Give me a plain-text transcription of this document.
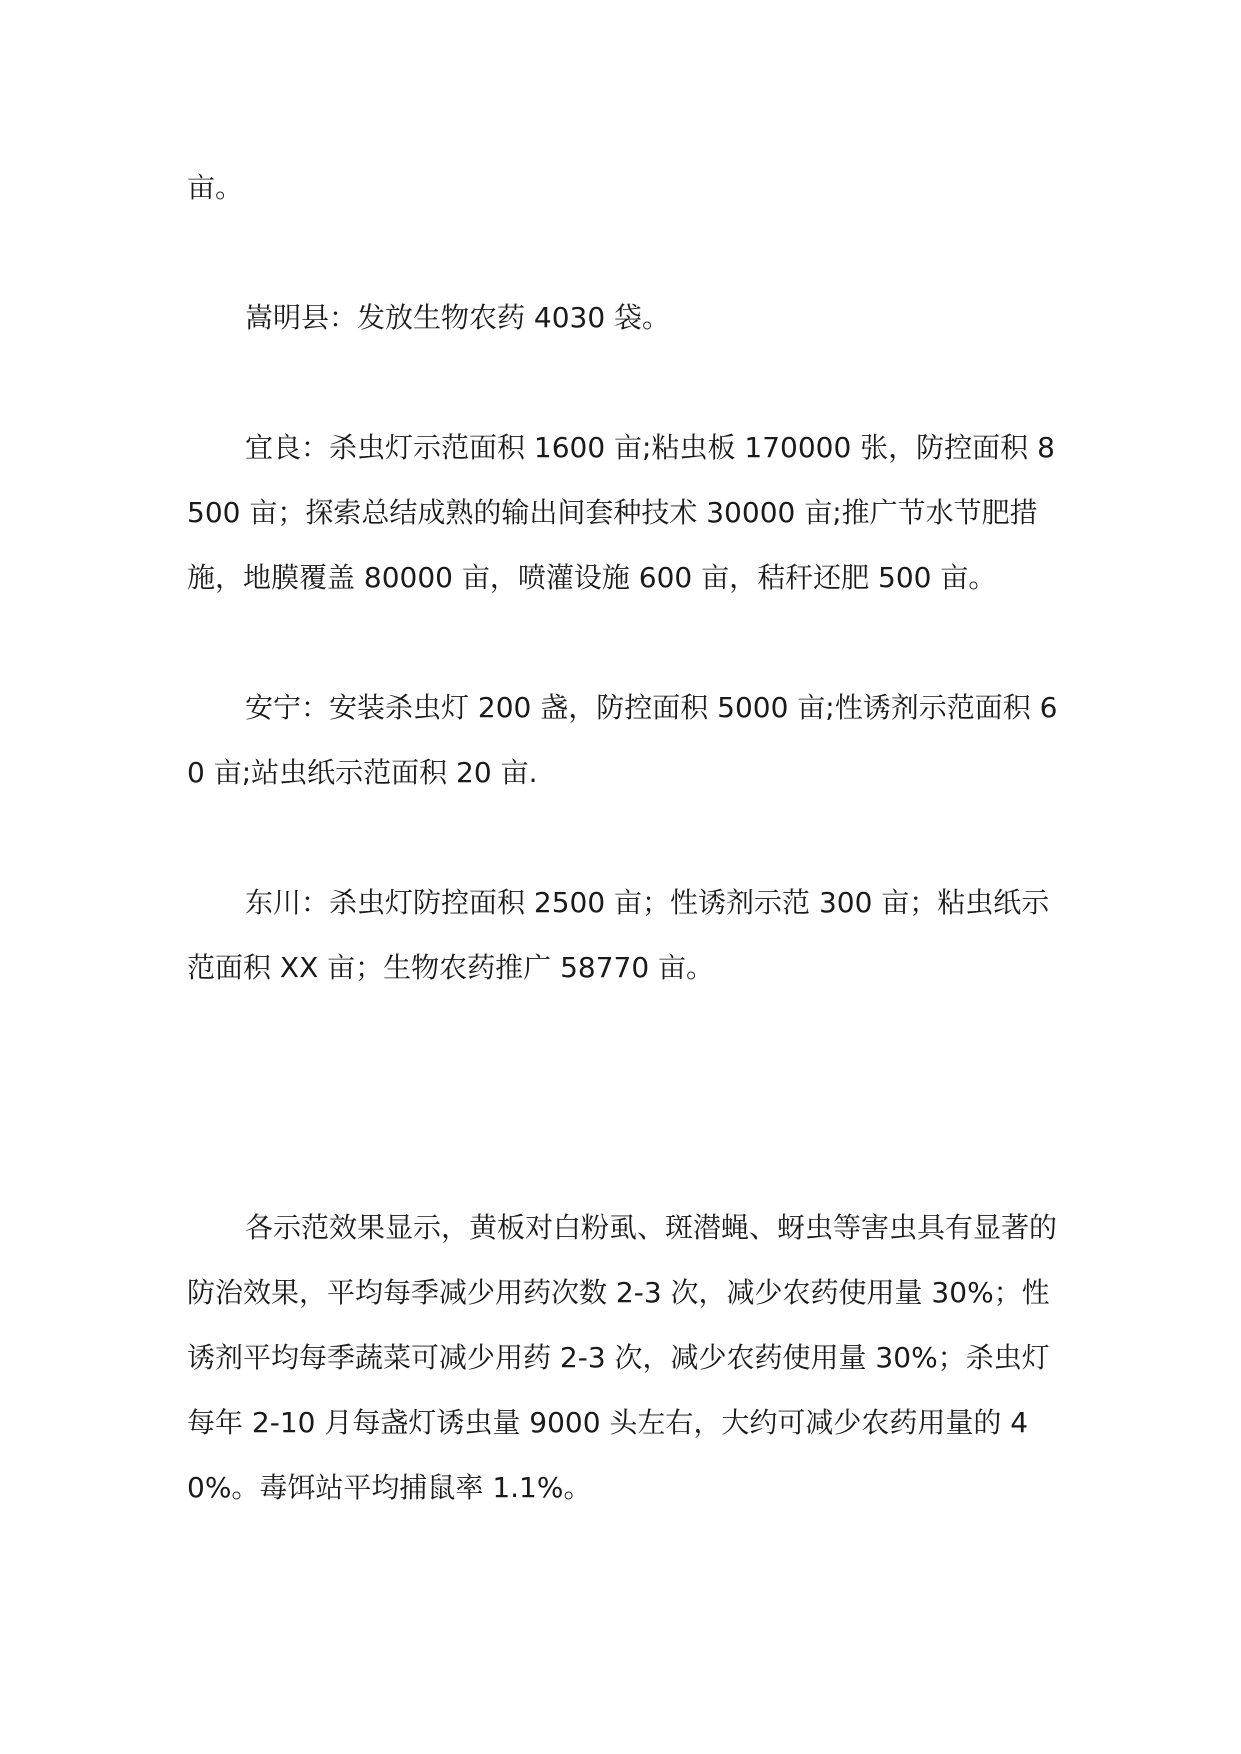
亩。

嵩明县：发放生物农药 4030 袋。

宜良：杀虫灯示范面积 1600 亩;粘虫板 170000 张，防控面积 8500 亩；探索总结成熟的输出间套种技术 30000 亩;推广节水节肥措施，地膜覆盖 80000 亩，喷灌设施 600 亩，秸秆还肥 500 亩。

安宁：安装杀虫灯 200 盏，防控面积 5000 亩;性诱剂示范面积 60 亩;站虫纸示范面积 20 亩.

东川：杀虫灯防控面积 2500 亩；性诱剂示范 300 亩；粘虫纸示范面积 XX 亩；生物农药推广 58770 亩。

各示范效果显示，黄板对白粉虱、斑潜蝇、蚜虫等害虫具有显著的防治效果，平均每季减少用药次数 2-3 次，减少农药使用量 30%；性诱剂平均每季蔬菜可减少用药 2-3 次，减少农药使用量 30%；杀虫灯每年 2-10 月每盏灯诱虫量 9000 头左右，大约可减少农药用量的 40%。毒饵站平均捕鼠率 1.1%。
